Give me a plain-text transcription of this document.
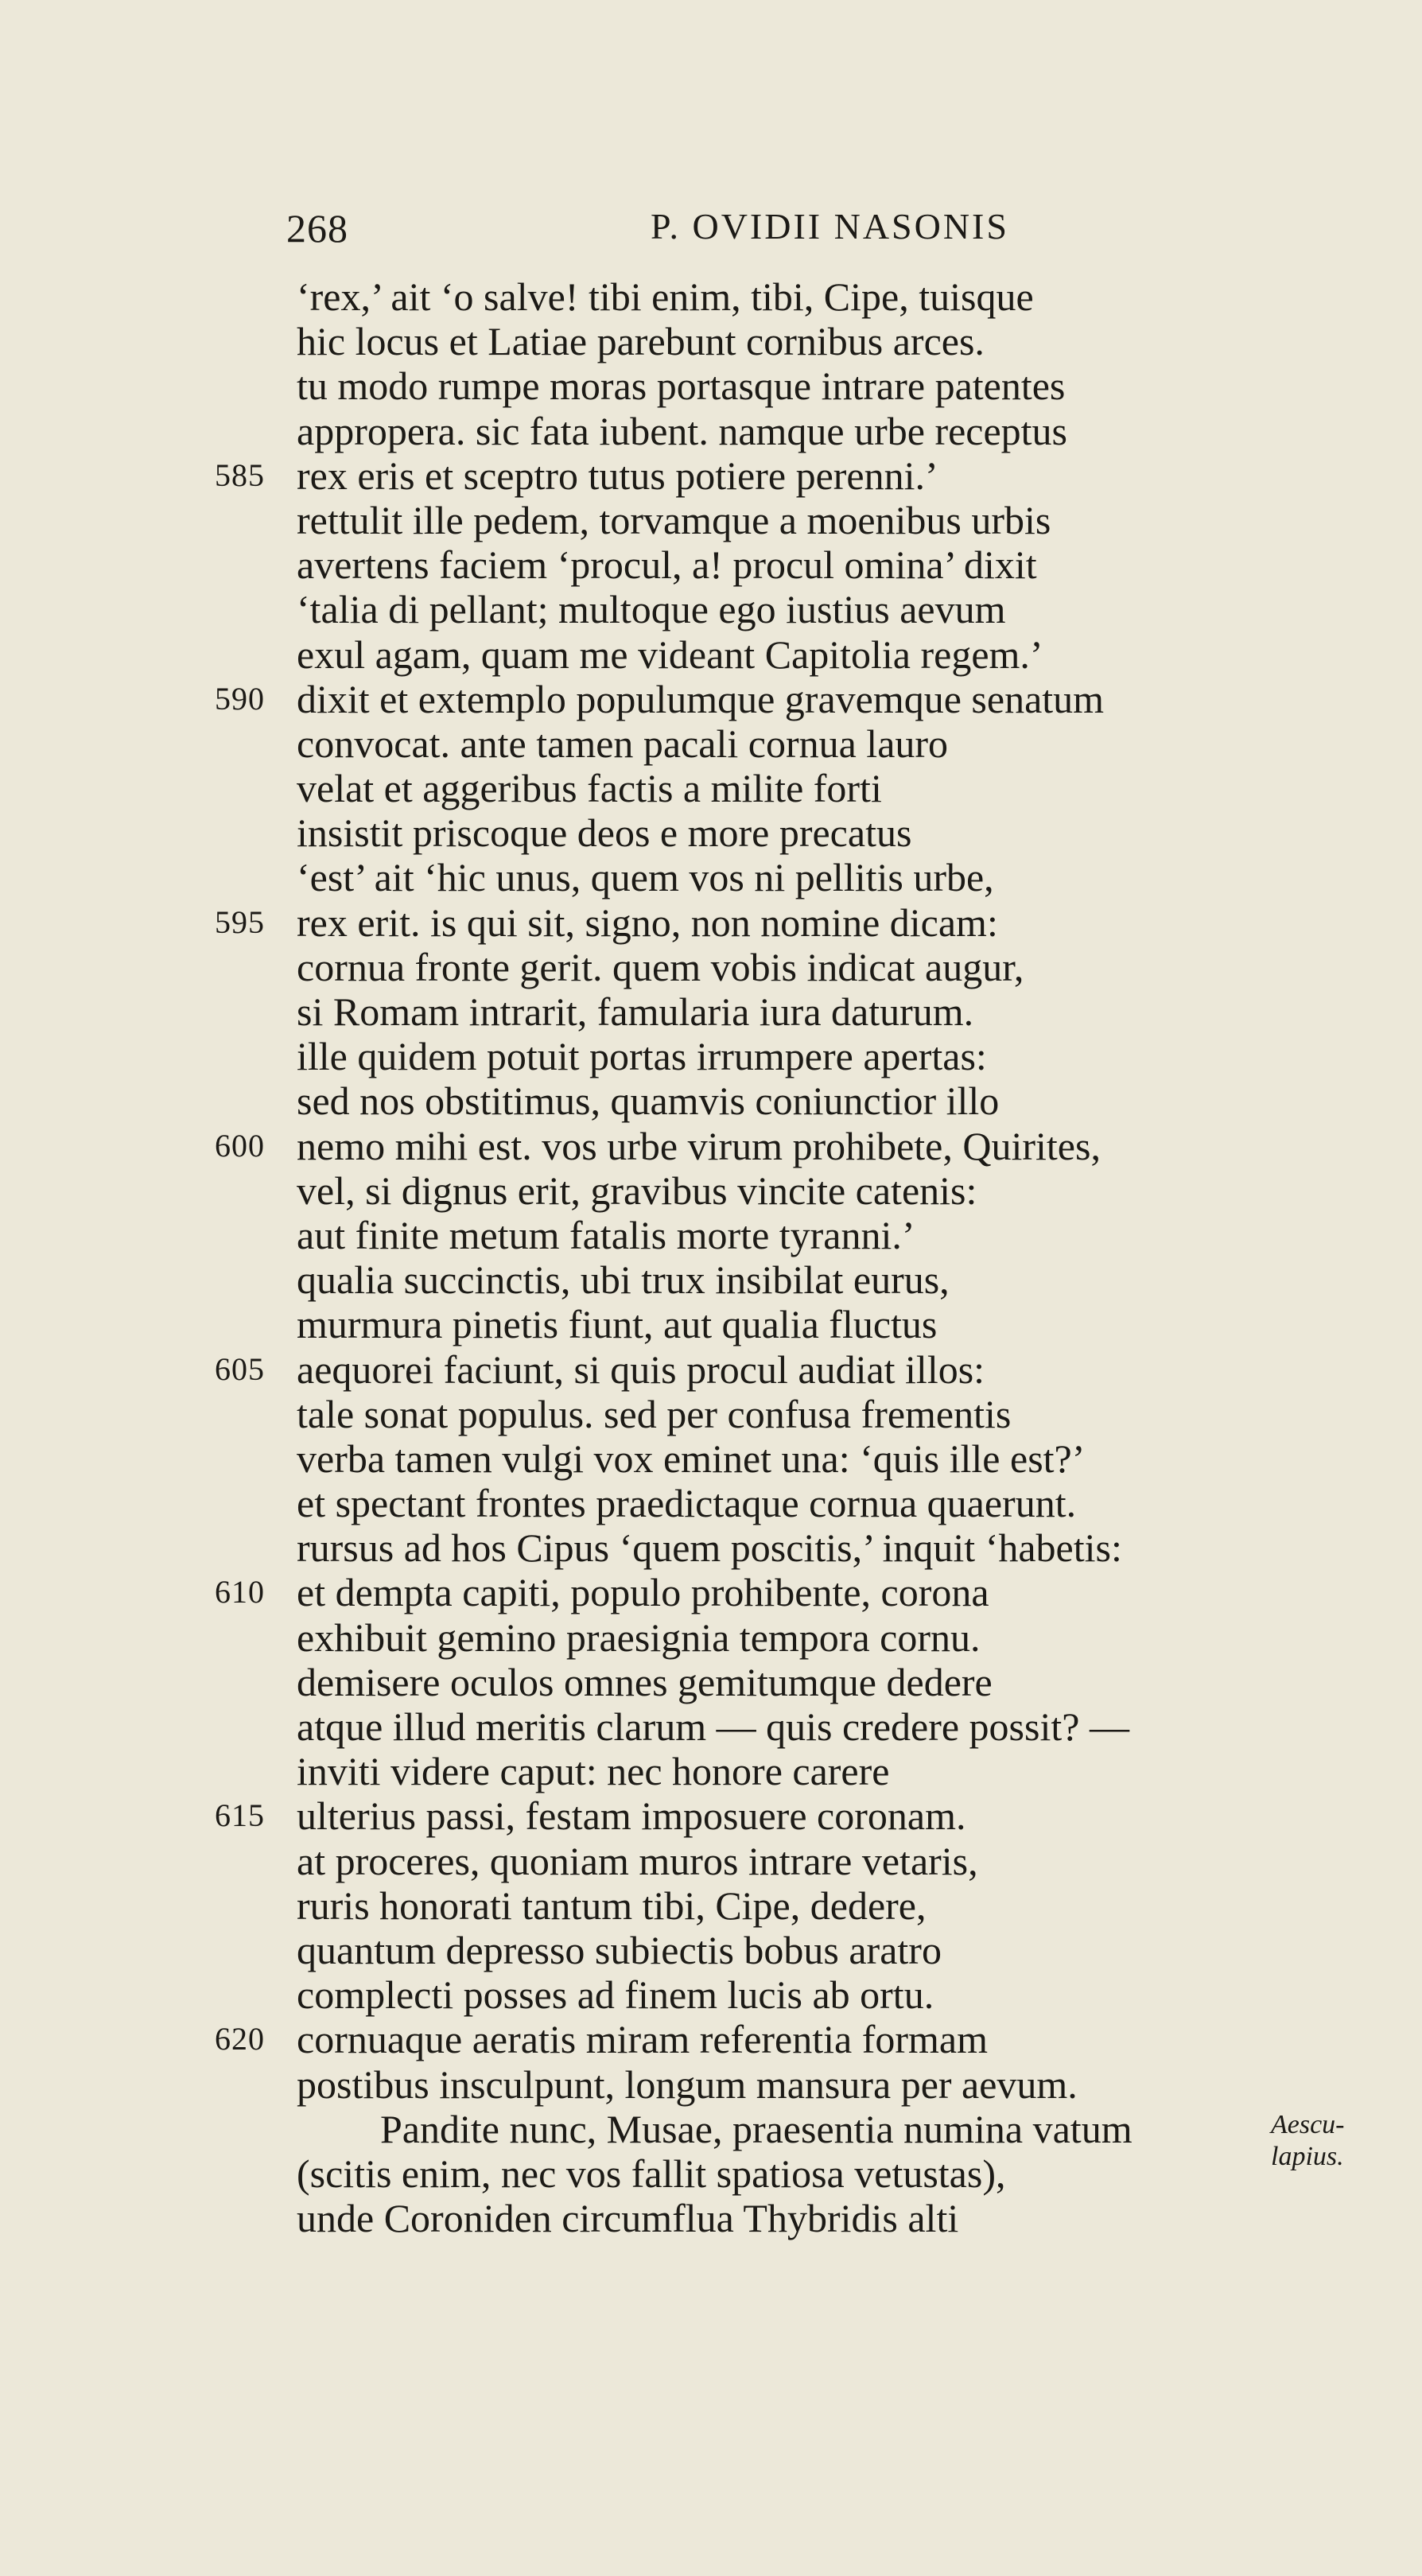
268	P. OVIDII NASONIS
‘rex,’ ait ‘o salve! tibi enim, tibi, Cipe, tuisque
hic locus et Latiae parebunt cornibus arces.
tu modo rumpe moras portasque intrare patentes
appropera. sic fata iubent. namque urbe receptus
585 rex eris et sceptro tutus potiere perenni.’
rettulit ille pedem, torvamque a moenibus urbis
avertens faciem ‘procul, a! procul omina’ dixit
‘talia di pellant; multoque ego iustius aevum
exul agam, quam me videant Capitolia regem.’
590 dixit et extemplo populumque gravemque senatum
convocat. ante tamen pacali cornua lauro
velat et aggeribus factis a milite forti
insistit priscoque deos e more precatus
‘est’ ait ‘hic unus, quem vos ni pellitis urbe,
595 rex erit. is qui sit, signo, non nomine dicam:
cornua fronte gerit. quem vobis indicat augur,
si Romam intrarit, famularia iura daturum.
ille quidem potuit portas irrumpere apertas:
sed nos obstitimus, quamvis coniunctior illo
600 nemo mihi est. vos urbe virum prohibete, Quirites,
vel, si dignus erit, gravibus vincite catenis:
aut finite metum fatalis morte tyranni.’
qualia succinctis, ubi trux insibilat eurus,
murmura pinetis fiunt, aut qualia fluctus
605 aequorei faciunt, si quis procul audiat illos:
tale sonat populus. sed per confusa frementis
verba tamen vulgi vox eminet una: ‘quis ille est?’
et spectant frontes praedictaque cornua quaerunt.
rursus ad hos Cipus ‘quem poscitis,’ inquit ‘habetis:
610 et dempta capiti, populo prohibente, corona
exhibuit gemino praesignia tempora cornu.
demisere oculos omnes gemitumque dedere
atque illud meritis clarum — quis credere possit? —
inviti videre caput: nec honore carere
615 ulterius passi, festam imposuere coronam.
at proceres, quoniam muros intrare vetaris,
ruris honorati tantum tibi, Cipe, dedere,
quantum depresso subiectis bobus aratro
complecti posses ad finem lucis ab ortu.
620 cornuaque aeratis miram referentia formam
postibus insculpunt, longum mansura per aevum.
Pandite nunc, Musae, praesentia numina vatum
(scitis enim, nec vos fallit spatiosa vetustas),
unde Coroniden circumflua Thybridis alti
Aescu-
lapius.
